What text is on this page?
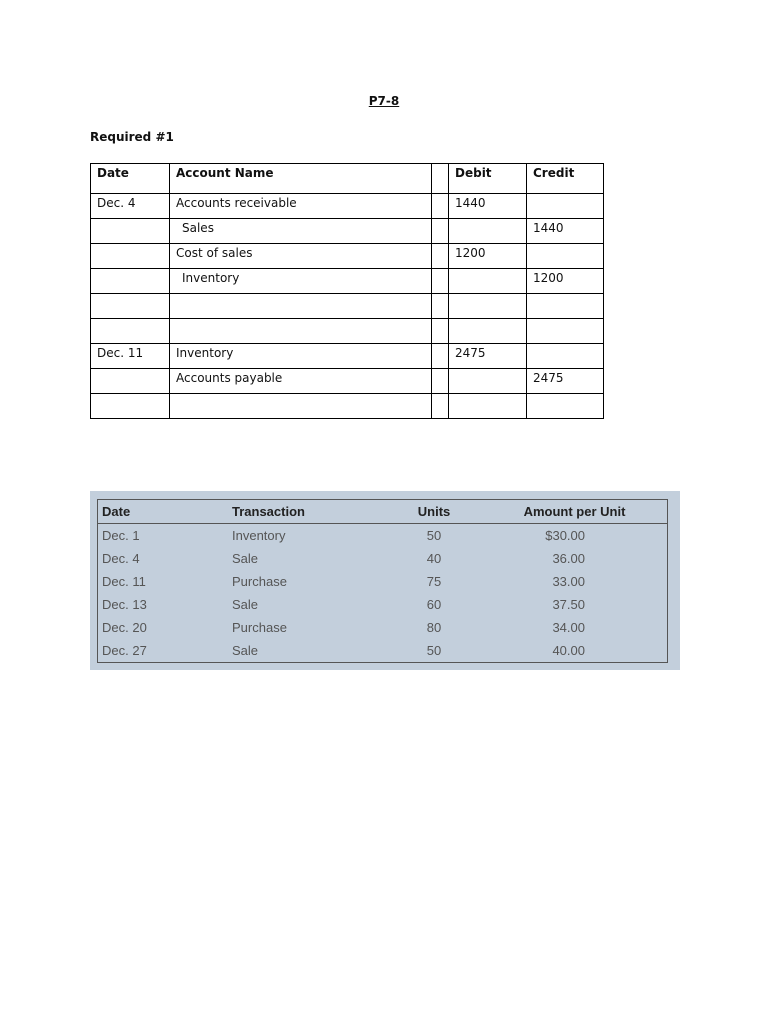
P7-8
Required #1
Date	Account Name		Debit	Credit
Dec. 4	Accounts receivable		1440	
	Sales			1440
	Cost of sales		1200	
	Inventory			1200

Dec. 11	Inventory		2475	
	Accounts payable			2475

Date	Transaction	Units	Amount per Unit
Dec. 1	Inventory	50	$30.00
Dec. 4	Sale	40	36.00
Dec. 11	Purchase	75	33.00
Dec. 13	Sale	60	37.50
Dec. 20	Purchase	80	34.00
Dec. 27	Sale	50	40.00
